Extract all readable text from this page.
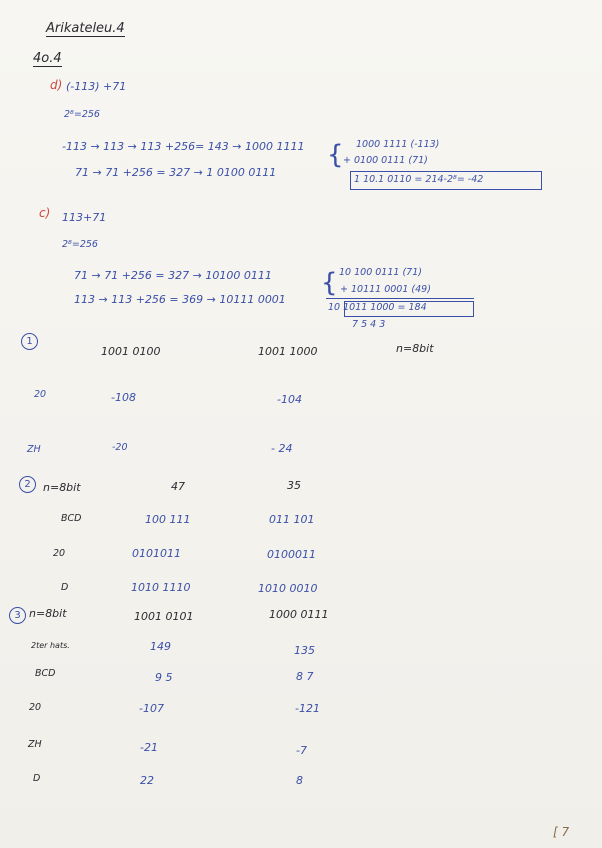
Arikateleu.4
4o.4
d) (-113) +71
2⁸=256
-113 → 113 → 113 +256= 143 → 1000 1111
71 → 71 +256 = 327 → 1 0100 0111
{ 1000 1111 (-113)
+ 0100 0111 (71)
1 10.1 0110 = 214-2⁸= -42
c) 113+71
2⁸=256
71 → 71 +256 = 327 → 10100 0111
113 → 113 +256 = 369 → 10111 0001
{ 10 100 0111 (71)
+ 10111 0001 (49)
10 1011 1000 = 184
7 5 4 3
1
1001 0100	1001 1000	n=8bit
20	-108	-104
ZH	-20	- 24
2	n=8bit	47	35
BCD	100 111	011 101
20	0101011	0100011
D	1010 1110	1010 0010
3 n=8bit	1001 0101	1000 0111
2ter hats.	149	135
BCD	9 5	8 7
20	-107	-121
ZH	-21	-7
D	22	8
[ 7
